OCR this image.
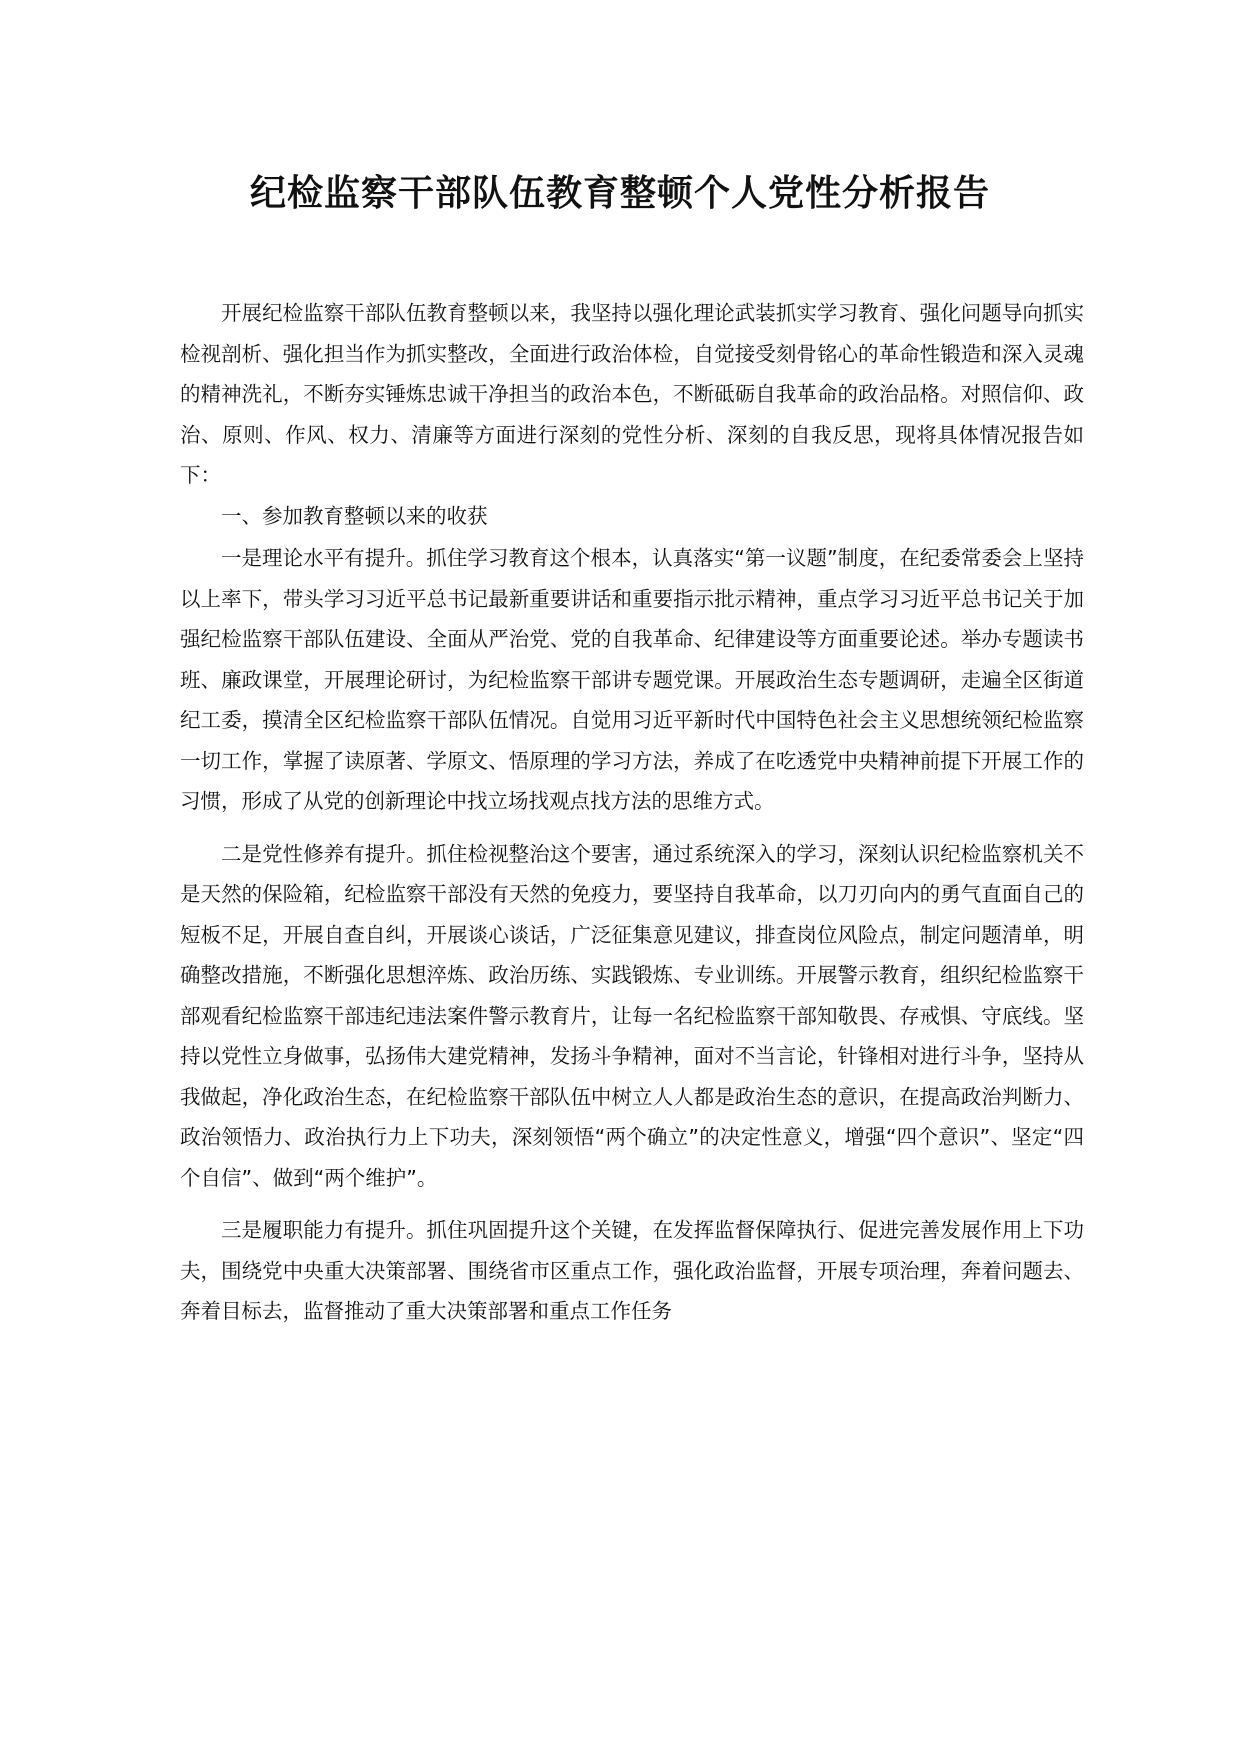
纪检监察干部队伍教育整顿个人党性分析报告

开展纪检监察干部队伍教育整顿以来，我坚持以强化理论武装抓实学习教育、强化问题导向抓实检视剖析、强化担当作为抓实整改，全面进行政治体检，自觉接受刻骨铭心的革命性锻造和深入灵魂的精神洗礼，不断夯实锤炼忠诚干净担当的政治本色，不断砥砺自我革命的政治品格。对照信仰、政治、原则、作风、权力、清廉等方面进行深刻的党性分析、深刻的自我反思，现将具体情况报告如下：

一、参加教育整顿以来的收获

一是理论水平有提升。抓住学习教育这个根本，认真落实“第一议题”制度，在纪委常委会上坚持以上率下，带头学习习近平总书记最新重要讲话和重要指示批示精神，重点学习习近平总书记关于加强纪检监察干部队伍建设、全面从严治党、党的自我革命、纪律建设等方面重要论述。举办专题读书班、廉政课堂，开展理论研讨，为纪检监察干部讲专题党课。开展政治生态专题调研，走遍全区街道纪工委，摸清全区纪检监察干部队伍情况。自觉用习近平新时代中国特色社会主义思想统领纪检监察一切工作，掌握了读原著、学原文、悟原理的学习方法，养成了在吃透党中央精神前提下开展工作的习惯，形成了从党的创新理论中找立场找观点找方法的思维方式。

二是党性修养有提升。抓住检视整治这个要害，通过系统深入的学习，深刻认识纪检监察机关不是天然的保险箱，纪检监察干部没有天然的免疫力，要坚持自我革命，以刀刃向内的勇气直面自己的短板不足，开展自查自纠，开展谈心谈话，广泛征集意见建议，排查岗位风险点，制定问题清单，明确整改措施，不断强化思想淬炼、政治历练、实践锻炼、专业训练。开展警示教育，组织纪检监察干部观看纪检监察干部违纪违法案件警示教育片，让每一名纪检监察干部知敬畏、存戒惧、守底线。坚持以党性立身做事，弘扬伟大建党精神，发扬斗争精神，面对不当言论，针锋相对进行斗争，坚持从我做起，净化政治生态，在纪检监察干部队伍中树立人人都是政治生态的意识，在提高政治判断力、政治领悟力、政治执行力上下功夫，深刻领悟“两个确立”的决定性意义，增强“四个意识”、坚定“四个自信”、做到“两个维护”。

三是履职能力有提升。抓住巩固提升这个关键，在发挥监督保障执行、促进完善发展作用上下功夫，围绕党中央重大决策部署、围绕省市区重点工作，强化政治监督，开展专项治理，奔着问题去、奔着目标去，监督推动了重大决策部署和重点工作任务
